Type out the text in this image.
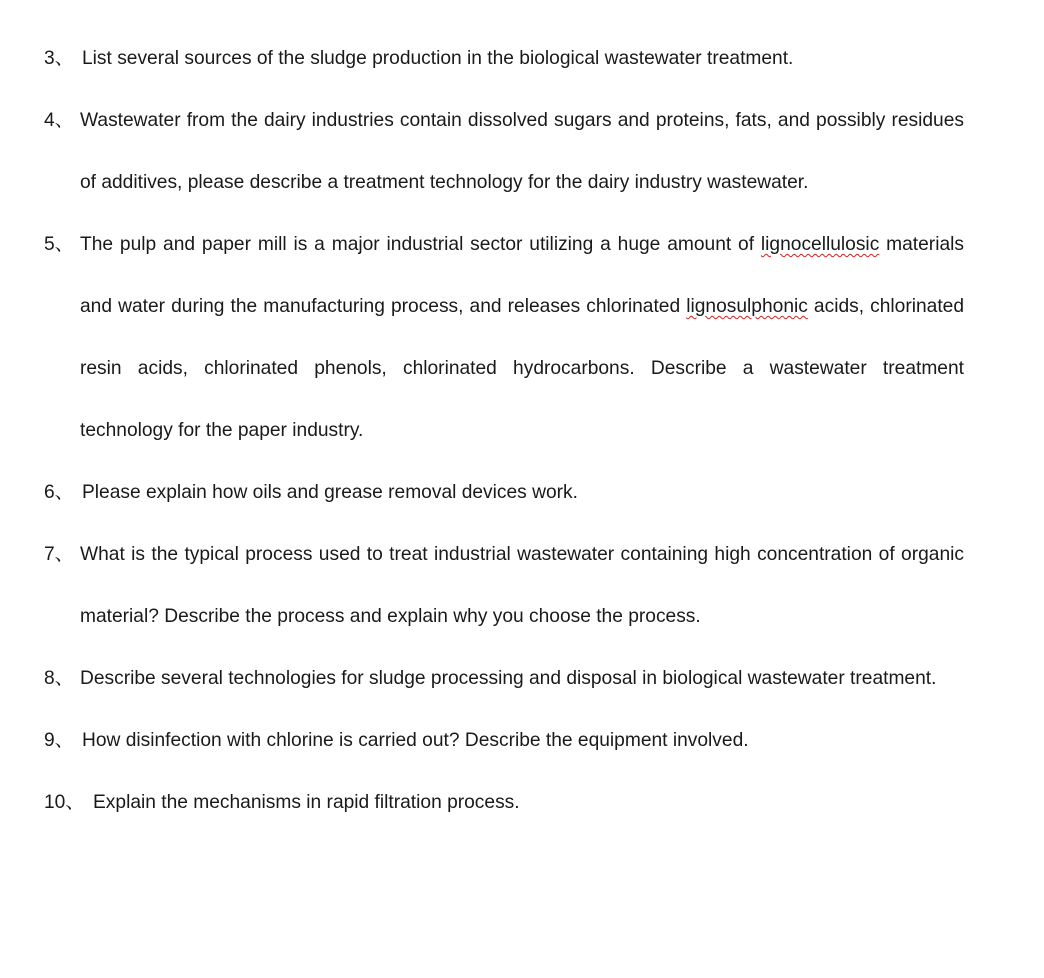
3、 List several sources of the sludge production in the biological wastewater treatment.

4、 Wastewater from the dairy industries contain dissolved sugars and proteins, fats, and possibly residues of additives, please describe a treatment technology for the dairy industry wastewater.

5、 The pulp and paper mill is a major industrial sector utilizing a huge amount of lignocellulosic materials and water during the manufacturing process, and releases chlorinated lignosulphonic acids, chlorinated resin acids, chlorinated phenols, chlorinated hydrocarbons. Describe a wastewater treatment technology for the paper industry.

6、 Please explain how oils and grease removal devices work.

7、 What is the typical process used to treat industrial wastewater containing high concentration of organic material? Describe the process and explain why you choose the process.

8、 Describe several technologies for sludge processing and disposal in biological wastewater treatment.

9、 How disinfection with chlorine is carried out? Describe the equipment involved.

10、 Explain the mechanisms in rapid filtration process.
